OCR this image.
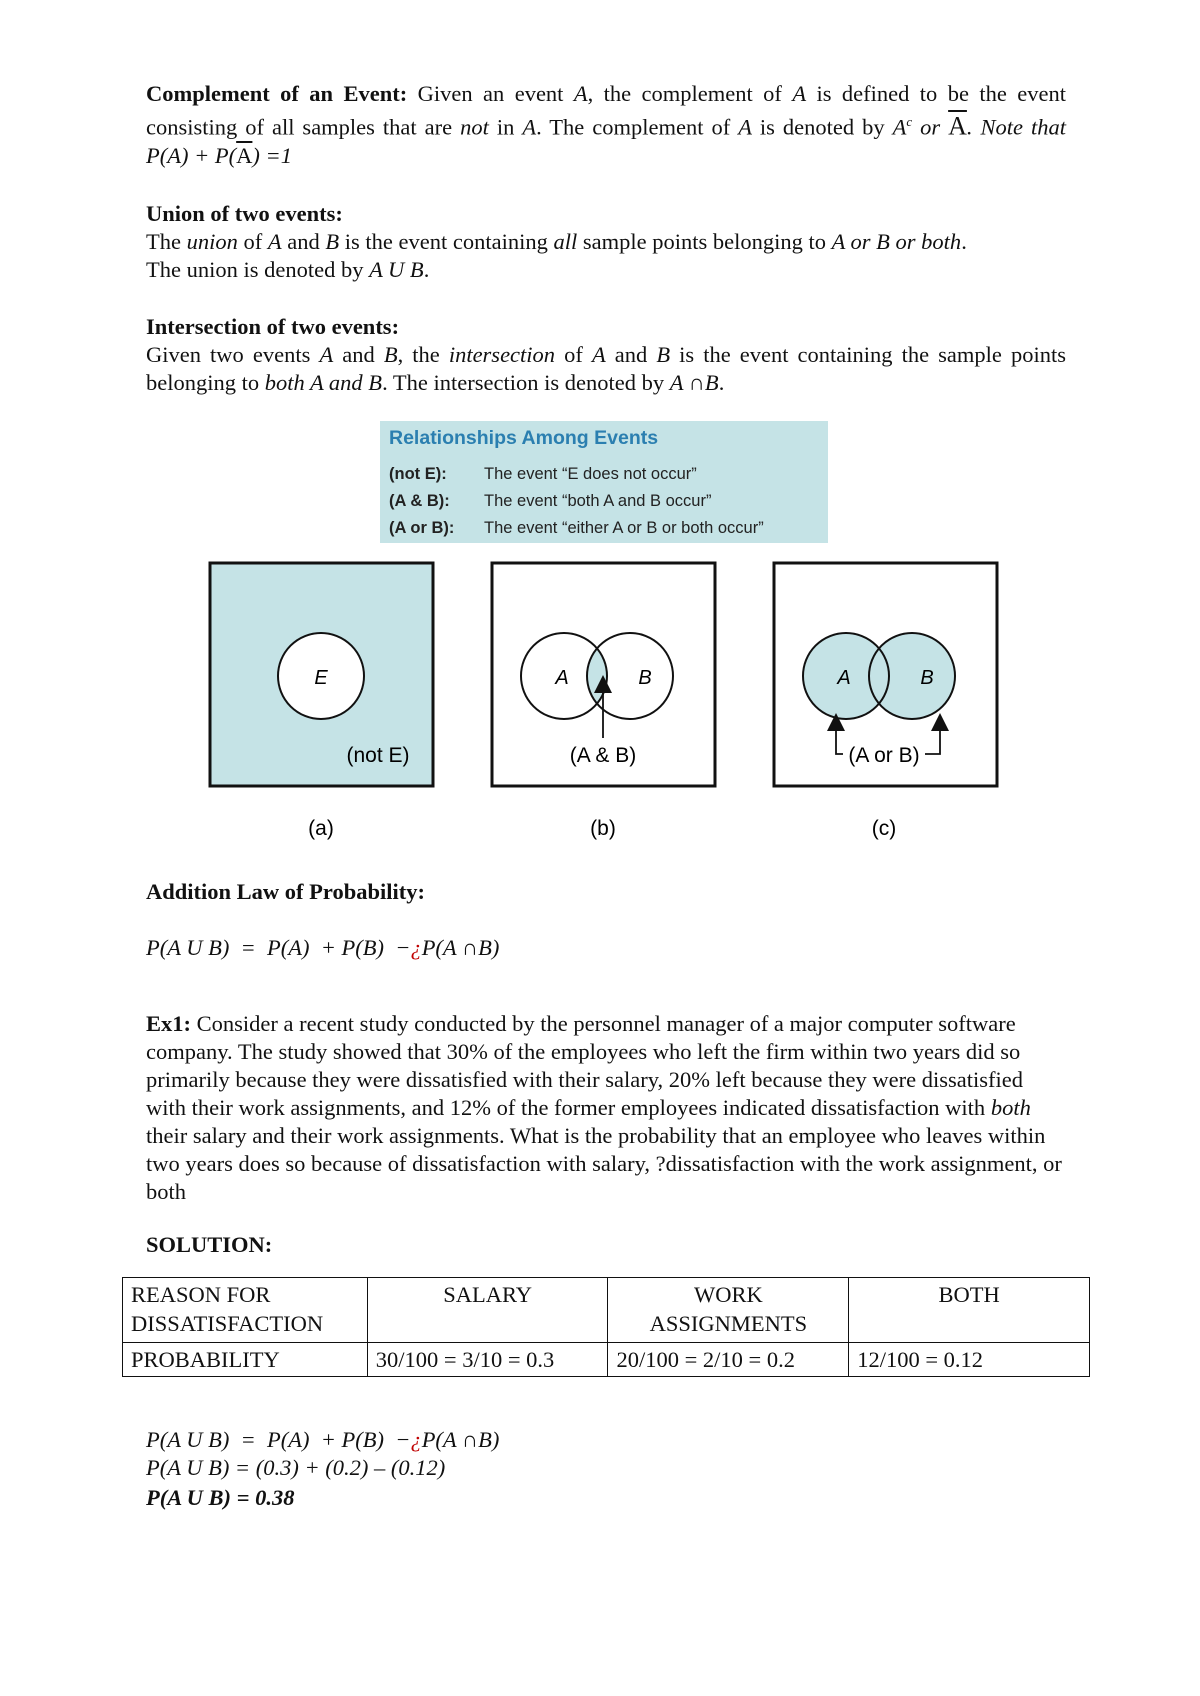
Complement of an Event: Given an event A, the complement of A is defined to be the event consisting of all samples that are not in A. The complement of A is denoted by $A^c$ or $\overline{A}$. Note that $P(A) + P(\overline{A}) =1$
Union of two events:
The union of A and B is the event containing all sample points belonging to A or B or both.
The union is denoted by A U B.
Intersection of two events:
Given two events A and B, the intersection of A and B is the event containing the sample points belonging to both A and B. The intersection is denoted by A ∩B.
Relationships Among Events
(not E): The event “E does not occur”
(A & B): The event “both A and B occur”
(A or B): The event “either A or B or both occur”
E
(not E)
(a)
A	B
(A & B)
(b)
A	B
(A or B)
(c)
Addition Law of Probability:
P(A U B)  =  P(A)  + P(B)  −¿P(A ∩B)
Ex1: Consider a recent study conducted by the personnel manager of a major computer software company. The study showed that 30% of the employees who left the firm within two years did so primarily because they were dissatisfied with their salary, 20% left because they were dissatisfied with their work assignments, and 12% of the former employees indicated dissatisfaction with both their salary and their work assignments. What is the probability that an employee who leaves within two years does so because of dissatisfaction with salary, ?dissatisfaction with the work assignment, or both
SOLUTION:
REASON FOR DISSATISFACTION	SALARY	WORK ASSIGNMENTS	BOTH
PROBABILITY	30/100 = 3/10 = 0.3	20/100 = 2/10 = 0.2	12/100 = 0.12
P(A U B)  =  P(A)  + P(B)  −¿P(A ∩B)
P(A U B) = (0.3) + (0.2) – (0.12)
P(A U B) = 0.38
